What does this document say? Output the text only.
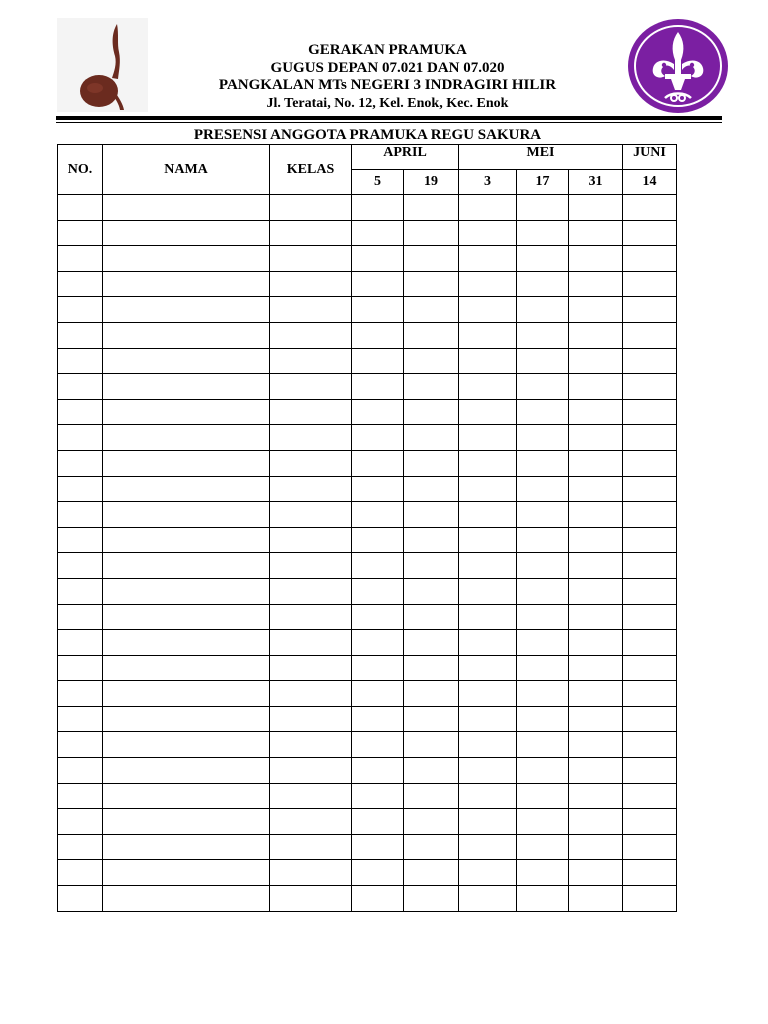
GERAKAN PRAMUKA
GUGUS DEPAN 07.021 DAN 07.020
PANGKALAN MTs NEGERI 3 INDRAGIRI HILIR
Jl. Teratai, No. 12, Kel. Enok, Kec. Enok
PRESENSI ANGGOTA PRAMUKA REGU SAKURA
NO.	NAMA	KELAS	APRIL		MEI			JUNI
			5	19	3	17	31	14
